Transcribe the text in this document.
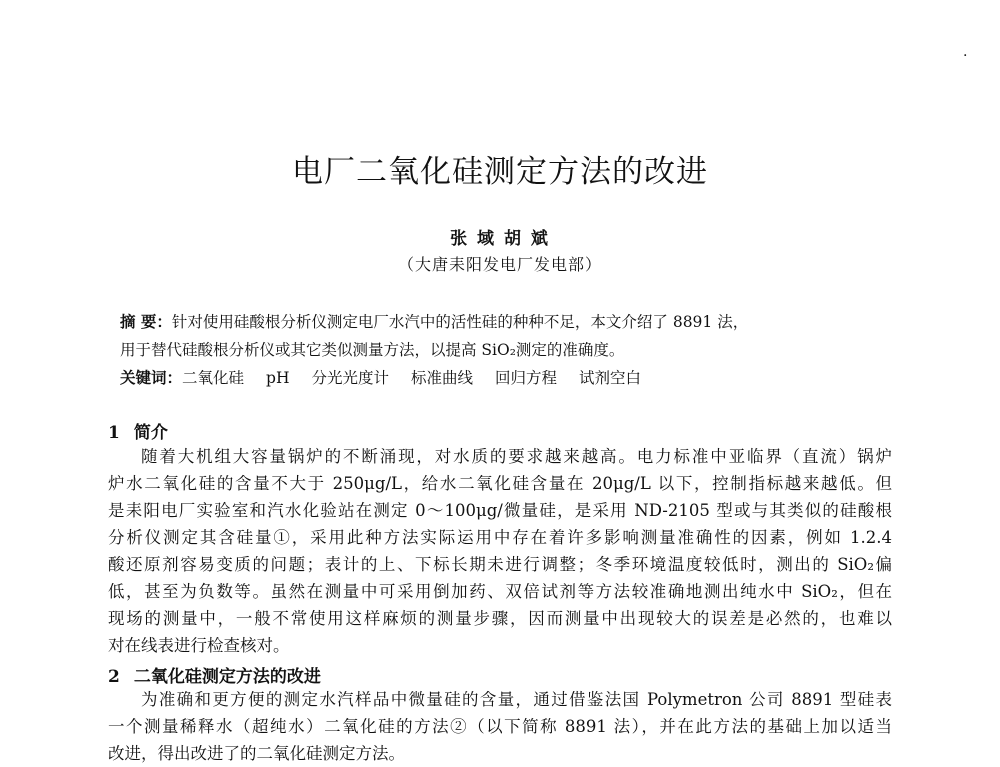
.
电厂二氧化硅测定方法的改进
张 域 胡 斌
（大唐耒阳发电厂发电部）
摘 要：针对使用硅酸根分析仪测定电厂水汽中的活性硅的种种不足，本文介绍了 8891 法，
用于替代硅酸根分析仪或其它类似测量方法，以提高 SiO₂测定的准确度。
关键词：二氧化硅 pH 分光光度计 标准曲线 回归方程 试剂空白
1 简介
随着大机组大容量锅炉的不断涌现，对水质的要求越来越高。电力标准中亚临界（直流）锅炉
炉水二氧化硅的含量不大于 250μg/L，给水二氧化硅含量在 20μg/L 以下，控制指标越来越低。但
是耒阳电厂实验室和汽水化验站在测定 0～100μg/微量硅，是采用 ND-2105 型或与其类似的硅酸根
分析仪测定其含硅量①，采用此种方法实际运用中存在着许多影响测量准确性的因素，例如 1.2.4
酸还原剂容易变质的问题；表计的上、下标长期未进行调整；冬季环境温度较低时，测出的 SiO₂偏
低，甚至为负数等。虽然在测量中可采用倒加药、双倍试剂等方法较准确地测出纯水中 SiO₂，但在
现场的测量中，一般不常使用这样麻烦的测量步骤，因而测量中出现较大的误差是必然的，也难以
对在线表进行检查核对。
2 二氧化硅测定方法的改进
为准确和更方便的测定水汽样品中微量硅的含量，通过借鉴法国 Polymetron 公司 8891 型硅表
一个测量稀释水（超纯水）二氧化硅的方法②（以下简称 8891 法），并在此方法的基础上加以适当
改进，得出改进了的二氧化硅测定方法。
